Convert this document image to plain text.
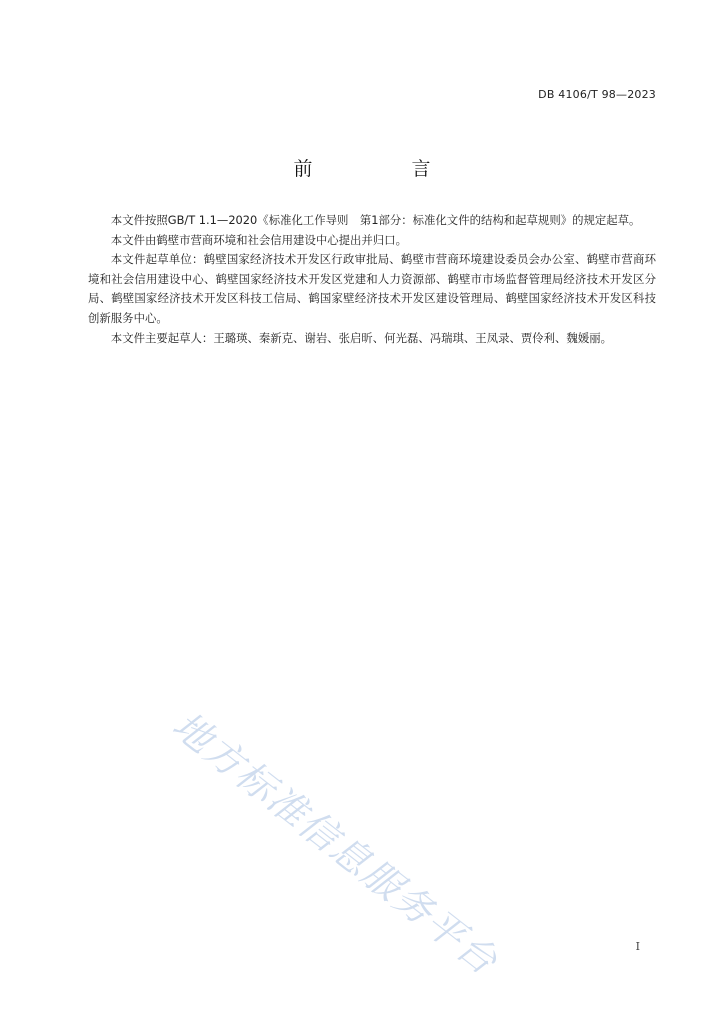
DB 4106/T 98—2023
前　言

本文件按照GB/T 1.1—2020《标准化工作导则　第1部分：标准化文件的结构和起草规则》的规定起草。

本文件由鹤壁市营商环境和社会信用建设中心提出并归口。

本文件起草单位：鹤壁国家经济技术开发区行政审批局、鹤壁市营商环境建设委员会办公室、鹤壁市营商环境和社会信用建设中心、鹤壁国家经济技术开发区党建和人力资源部、鹤壁市市场监督管理局经济技术开发区分局、鹤壁国家经济技术开发区科技工信局、鹤国家壁经济技术开发区建设管理局、鹤壁国家经济技术开发区科技创新服务中心。

本文件主要起草人：王璐瑛、秦新克、谢岩、张启昕、何光磊、冯瑞琪、王凤录、贾伶利、魏媛丽。

地方标准信息服务平台	I
